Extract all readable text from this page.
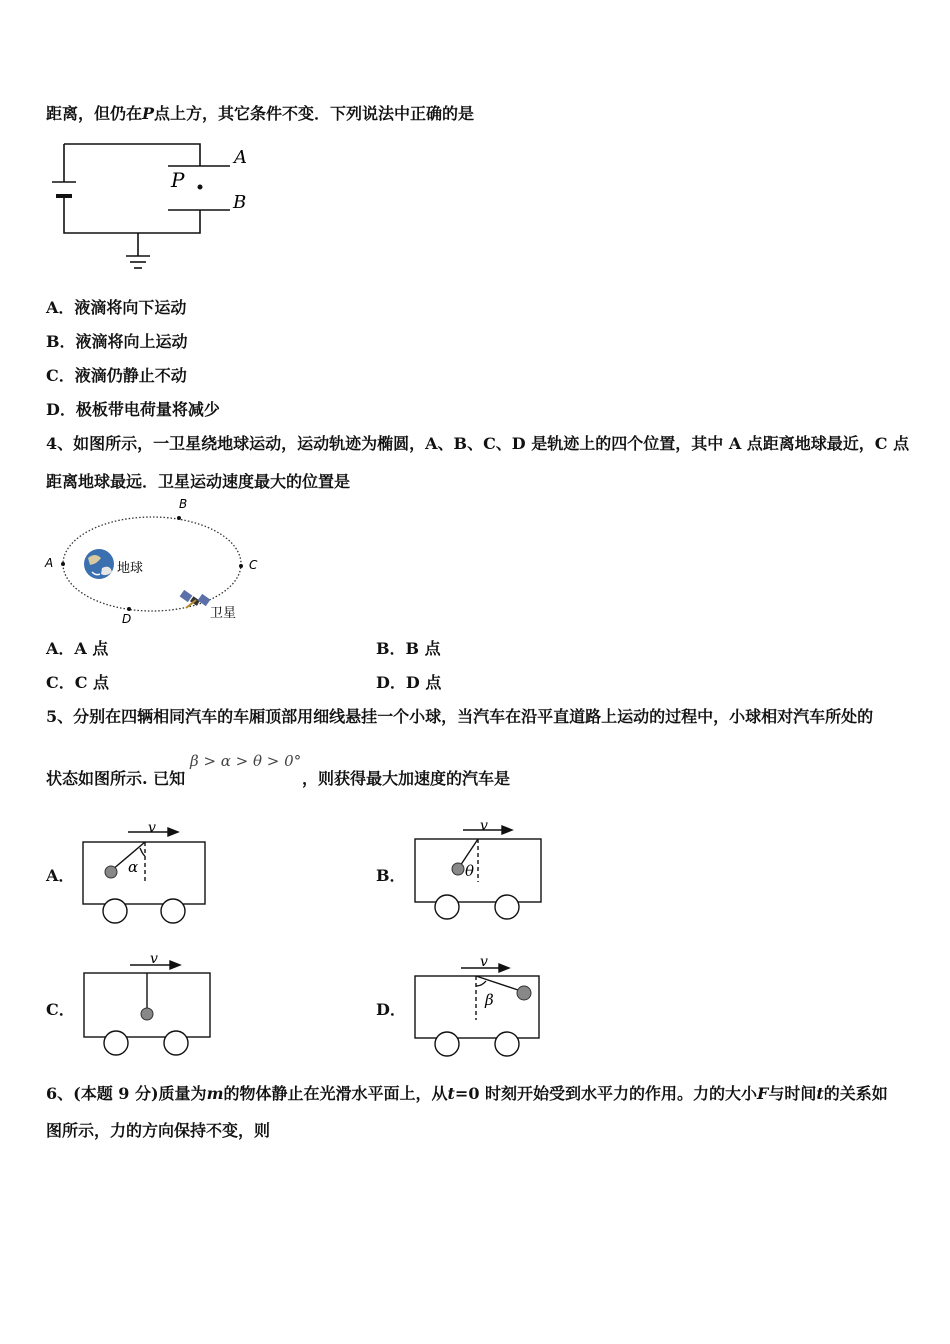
距离，但仍在P点上方，其它条件不变．下列说法中正确的是
A
B
P
A．液滴将向下运动
B．液滴将向上运动
C．液滴仍静止不动
D．极板带电荷量将减少
4、如图所示，一卫星绕地球运动，运动轨迹为椭圆，A、B、C、D 是轨迹上的四个位置，其中 A 点距离地球最近，C 点
距离地球最远．卫星运动速度最大的位置是
A
B
C
D
地球
卫星
A．A 点	B．B 点
C．C 点	D．D 点
5、分别在四辆相同汽车的车厢顶部用细线悬挂一个小球，当汽车在沿平直道路上运动的过程中，小球相对汽车所处的
状态如图所示. 已知
β > α > θ > 0°
，则获得最大加速度的汽车是
A．	B．
C．	D．
v
α
v
θ
v	v
β
6、(本题 9 分)质量为m的物体静止在光滑水平面上，从t=0 时刻开始受到水平力的作用。力的大小F与时间t的关系如
图所示，力的方向保持不变，则
